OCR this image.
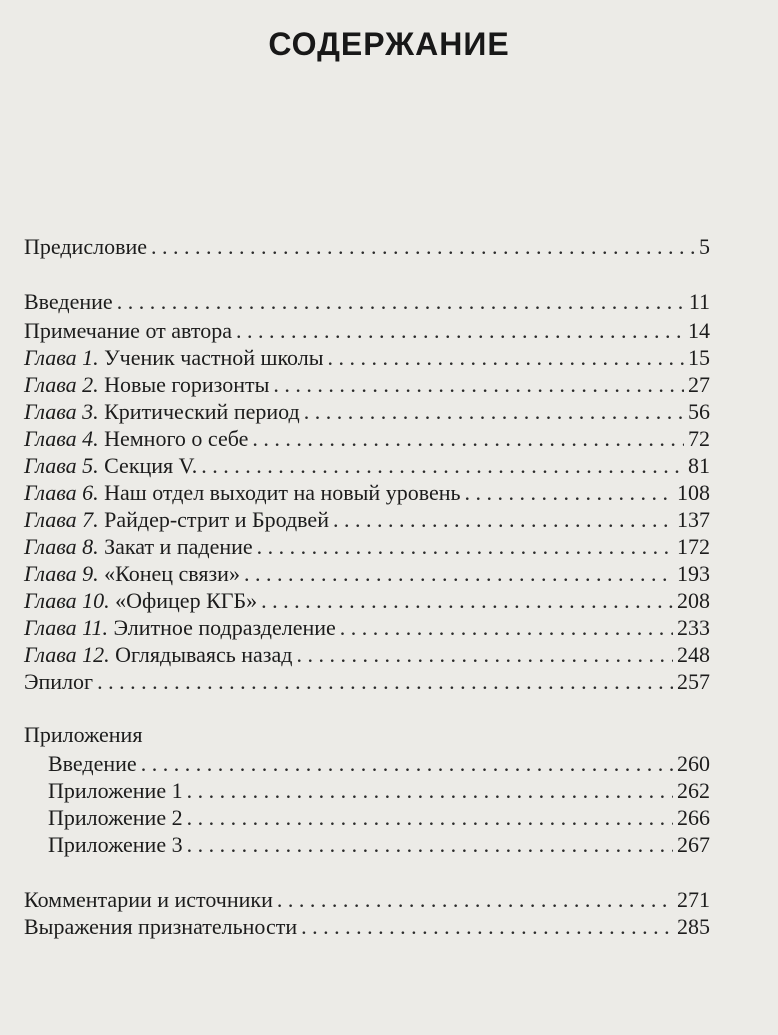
СОДЕРЖАНИЕ
Предисловие . . .	5
Введение . . .	11
Примечание от автора . . .	14
Глава 1. Ученик частной школы . . .	15
Глава 2. Новые горизонты . . .	27
Глава 3. Критический период . . .	56
Глава 4. Немного о себе . . .	72
Глава 5. Секция V. . . .	81
Глава 6. Наш отдел выходит на новый уровень . . .	108
Глава 7. Райдер-стрит и Бродвей . . .	137
Глава 8. Закат и падение . . .	172
Глава 9. «Конец связи» . . .	193
Глава 10. «Офицер КГБ» . . .	208
Глава 11. Элитное подразделение . . .	233
Глава 12. Оглядываясь назад . . .	248
Эпилог . . .	257
Приложения
Введение . . .	260
Приложение 1 . . .	262
Приложение 2 . . .	266
Приложение 3 . . .	267
Комментарии и источники . . .	271
Выражения признательности . . .	285
